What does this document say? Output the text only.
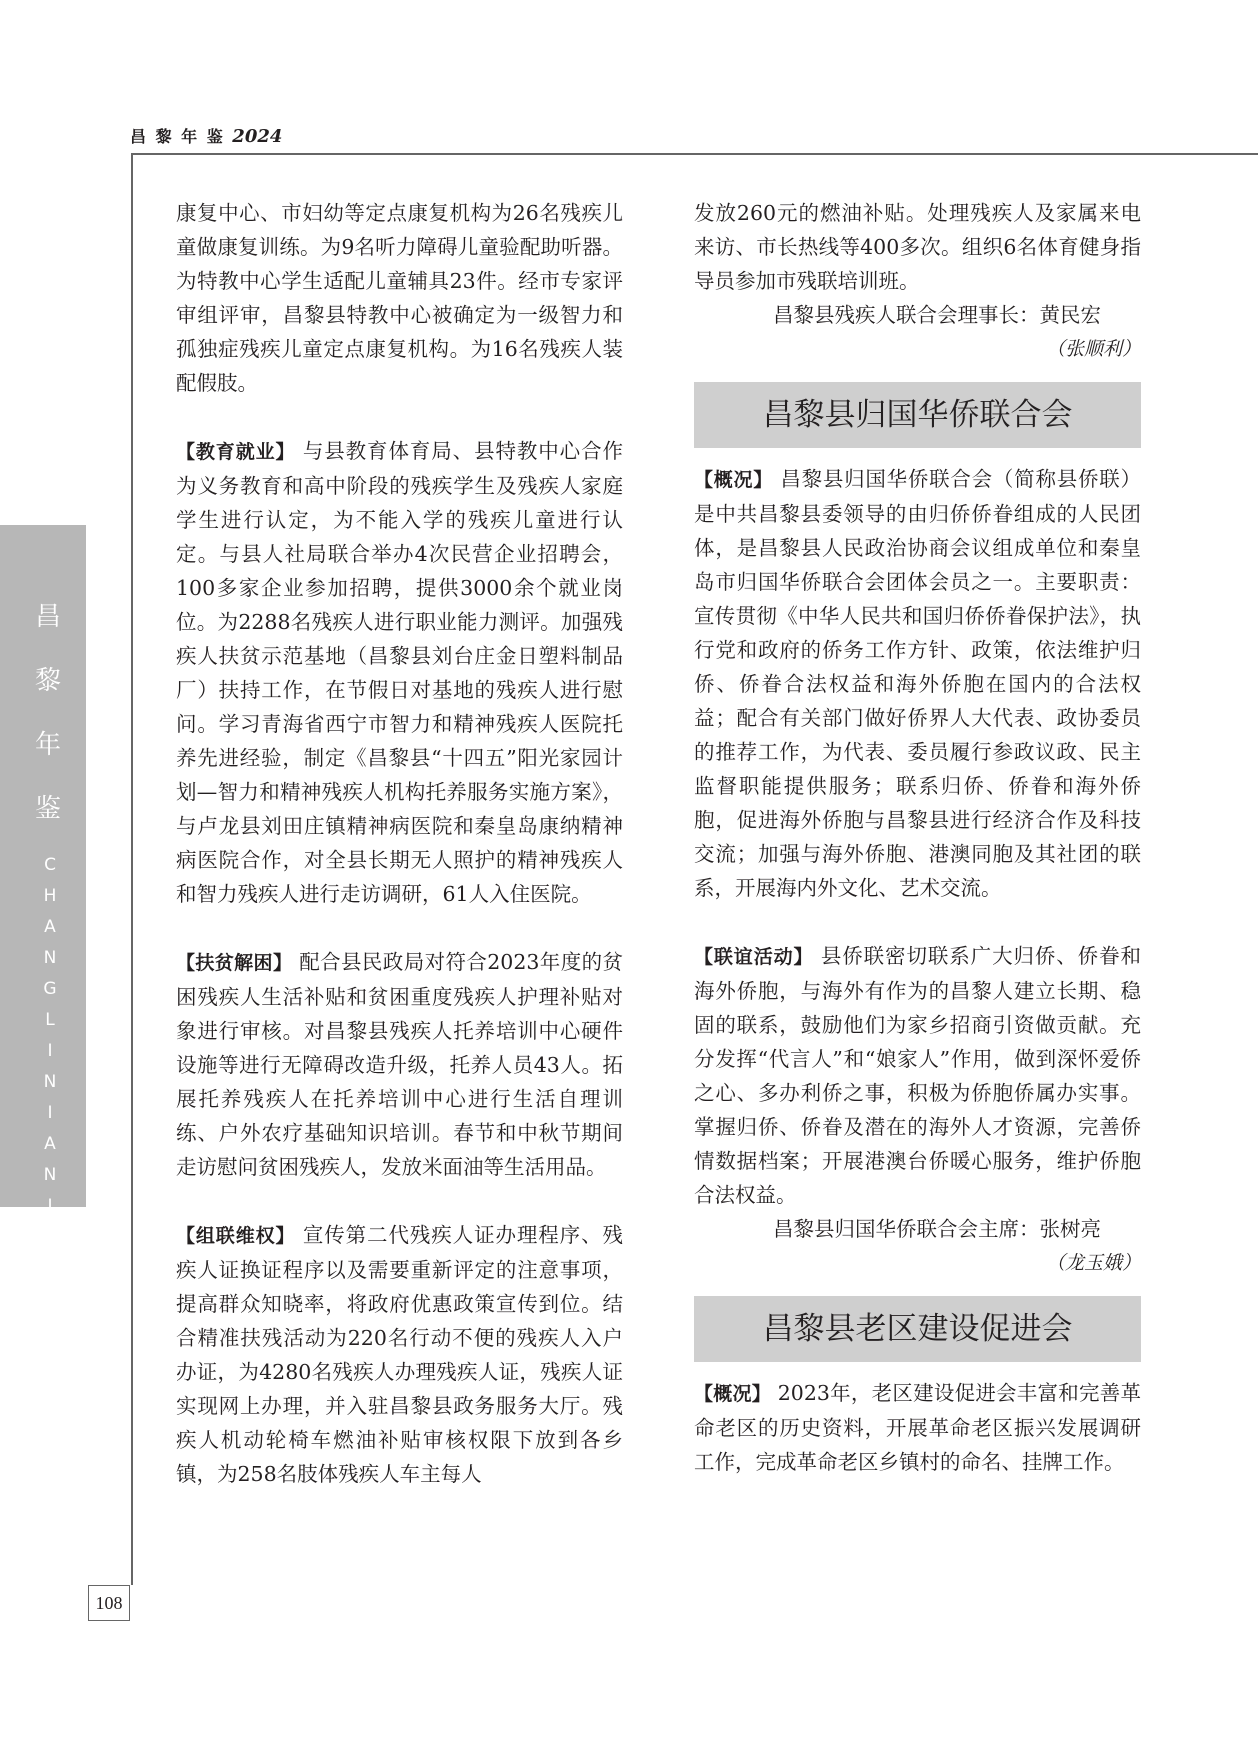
昌 黎 年 鉴 2024
昌
黎
年
鉴
C
H
A
N
G
L
I
N
I
A
N
J
I
A
N
108

康复中心、市妇幼等定点康复机构为26名残疾儿童做康复训练。为9名听力障碍儿童验配助听器。为特教中心学生适配儿童辅具23件。经市专家评审组评审，昌黎县特教中心被确定为一级智力和孤独症残疾儿童定点康复机构。为16名残疾人装配假肢。

【教育就业】 与县教育体育局、县特教中心合作为义务教育和高中阶段的残疾学生及残疾人家庭学生进行认定，为不能入学的残疾儿童进行认定。与县人社局联合举办4次民营企业招聘会，100多家企业参加招聘，提供3000余个就业岗位。为2288名残疾人进行职业能力测评。加强残疾人扶贫示范基地（昌黎县刘台庄金日塑料制品厂）扶持工作，在节假日对基地的残疾人进行慰问。学习青海省西宁市智力和精神残疾人医院托养先进经验，制定《昌黎县“十四五”阳光家园计划—智力和精神残疾人机构托养服务实施方案》，与卢龙县刘田庄镇精神病医院和秦皇岛康纳精神病医院合作，对全县长期无人照护的精神残疾人和智力残疾人进行走访调研，61人入住医院。

【扶贫解困】 配合县民政局对符合2023年度的贫困残疾人生活补贴和贫困重度残疾人护理补贴对象进行审核。对昌黎县残疾人托养培训中心硬件设施等进行无障碍改造升级，托养人员43人。拓展托养残疾人在托养培训中心进行生活自理训练、户外农疗基础知识培训。春节和中秋节期间走访慰问贫困残疾人，发放米面油等生活用品。

【组联维权】 宣传第二代残疾人证办理程序、残疾人证换证程序以及需要重新评定的注意事项，提高群众知晓率，将政府优惠政策宣传到位。结合精准扶残活动为220名行动不便的残疾人入户办证，为4280名残疾人办理残疾人证，残疾人证实现网上办理，并入驻昌黎县政务服务大厅。残疾人机动轮椅车燃油补贴审核权限下放到各乡镇，为258名肢体残疾人车主每人

发放260元的燃油补贴。处理残疾人及家属来电来访、市长热线等400多次。组织6名体育健身指导员参加市残联培训班。

昌黎县残疾人联合会理事长：黄民宏

（张顺利）

昌黎县归国华侨联合会

【概况】 昌黎县归国华侨联合会（简称县侨联）是中共昌黎县委领导的由归侨侨眷组成的人民团体，是昌黎县人民政治协商会议组成单位和秦皇岛市归国华侨联合会团体会员之一。主要职责：宣传贯彻《中华人民共和国归侨侨眷保护法》，执行党和政府的侨务工作方针、政策，依法维护归侨、侨眷合法权益和海外侨胞在国内的合法权益；配合有关部门做好侨界人大代表、政协委员的推荐工作，为代表、委员履行参政议政、民主监督职能提供服务；联系归侨、侨眷和海外侨胞，促进海外侨胞与昌黎县进行经济合作及科技交流；加强与海外侨胞、港澳同胞及其社团的联系，开展海内外文化、艺术交流。

【联谊活动】 县侨联密切联系广大归侨、侨眷和海外侨胞，与海外有作为的昌黎人建立长期、稳固的联系，鼓励他们为家乡招商引资做贡献。充分发挥“代言人”和“娘家人”作用，做到深怀爱侨之心、多办利侨之事，积极为侨胞侨属办实事。掌握归侨、侨眷及潜在的海外人才资源，完善侨情数据档案；开展港澳台侨暖心服务，维护侨胞合法权益。

昌黎县归国华侨联合会主席：张树亮

（龙玉娥）

昌黎县老区建设促进会

【概况】 2023年，老区建设促进会丰富和完善革命老区的历史资料，开展革命老区振兴发展调研工作，完成革命老区乡镇村的命名、挂牌工作。
